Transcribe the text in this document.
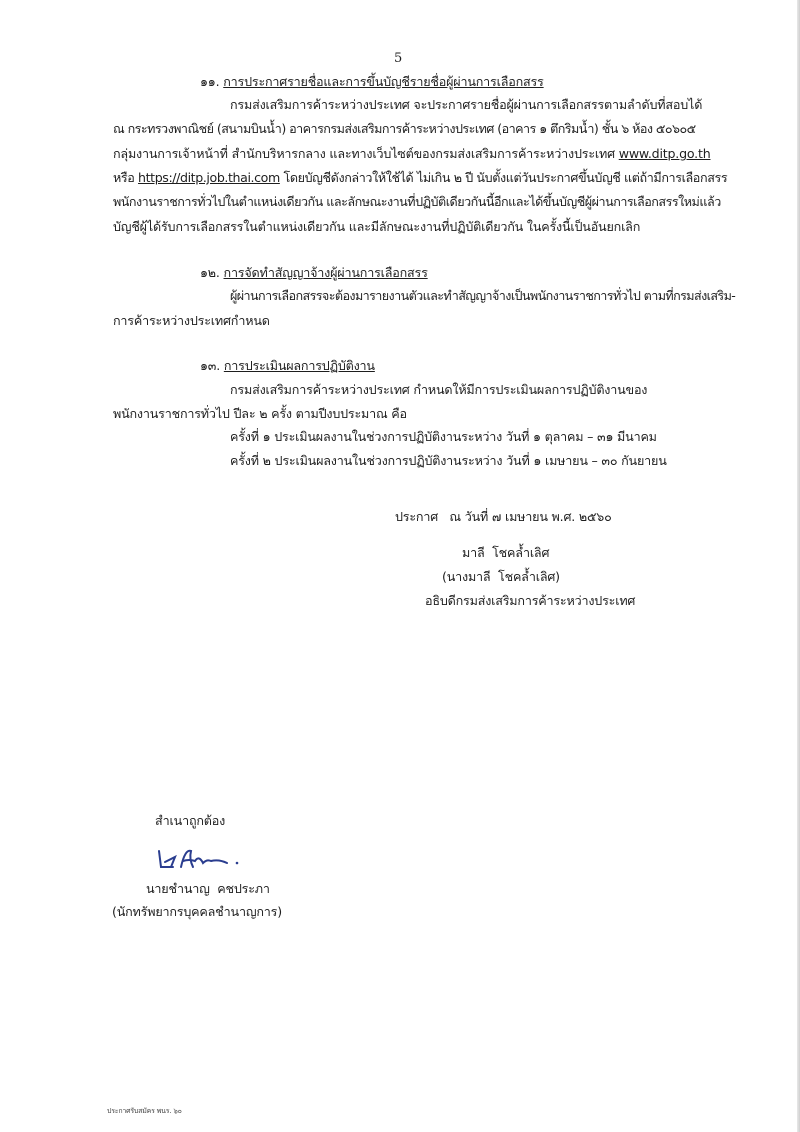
5
๑๑. การประกาศรายชื่อและการขึ้นบัญชีรายชื่อผู้ผ่านการเลือกสรร
กรมส่งเสริมการค้าระหว่างประเทศ จะประกาศรายชื่อผู้ผ่านการเลือกสรรตามลำดับที่สอบได้
ณ กระทรวงพาณิชย์ (สนามบินน้ำ) อาคารกรมส่งเสริมการค้าระหว่างประเทศ (อาคาร ๑ ตึกริมน้ำ) ชั้น ๖ ห้อง ๕๐๖๐๕
กลุ่มงานการเจ้าหน้าที่ สำนักบริหารกลาง และทางเว็บไซต์ของกรมส่งเสริมการค้าระหว่างประเทศ www.ditp.go.th
หรือ https://ditp.job.thai.com โดยบัญชีดังกล่าวให้ใช้ได้ ไม่เกิน ๒ ปี นับตั้งแต่วันประกาศขึ้นบัญชี แต่ถ้ามีการเลือกสรร
พนักงานราชการทั่วไปในตำแหน่งเดียวกัน และลักษณะงานที่ปฏิบัติเดียวกันนี้อีกและได้ขึ้นบัญชีผู้ผ่านการเลือกสรรใหม่แล้ว
บัญชีผู้ได้รับการเลือกสรรในตำแหน่งเดียวกัน และมีลักษณะงานที่ปฏิบัติเดียวกัน ในครั้งนี้เป็นอันยกเลิก
๑๒. การจัดทำสัญญาจ้างผู้ผ่านการเลือกสรร
ผู้ผ่านการเลือกสรรจะต้องมารายงานตัวและทำสัญญาจ้างเป็นพนักงานราชการทั่วไป ตามที่กรมส่งเสริม-
การค้าระหว่างประเทศกำหนด
๑๓. การประเมินผลการปฏิบัติงาน
กรมส่งเสริมการค้าระหว่างประเทศ กำหนดให้มีการประเมินผลการปฏิบัติงานของ
พนักงานราชการทั่วไป ปีละ ๒ ครั้ง ตามปีงบประมาณ คือ
ครั้งที่ ๑ ประเมินผลงานในช่วงการปฏิบัติงานระหว่าง วันที่ ๑ ตุลาคม – ๓๑ มีนาคม
ครั้งที่ ๒ ประเมินผลงานในช่วงการปฏิบัติงานระหว่าง วันที่ ๑ เมษายน – ๓๐ กันยายน
ประกาศ   ณ วันที่ ๗ เมษายน พ.ศ. ๒๕๖๐
มาลี  โชคล้ำเลิศ
(นางมาลี  โชคล้ำเลิศ)
อธิบดีกรมส่งเสริมการค้าระหว่างประเทศ
สำเนาถูกต้อง
นายชำนาญ  คชประภา
(นักทรัพยากรบุคคลชำนาญการ)
ประกาศรับสมัคร พนร. ๖๐
